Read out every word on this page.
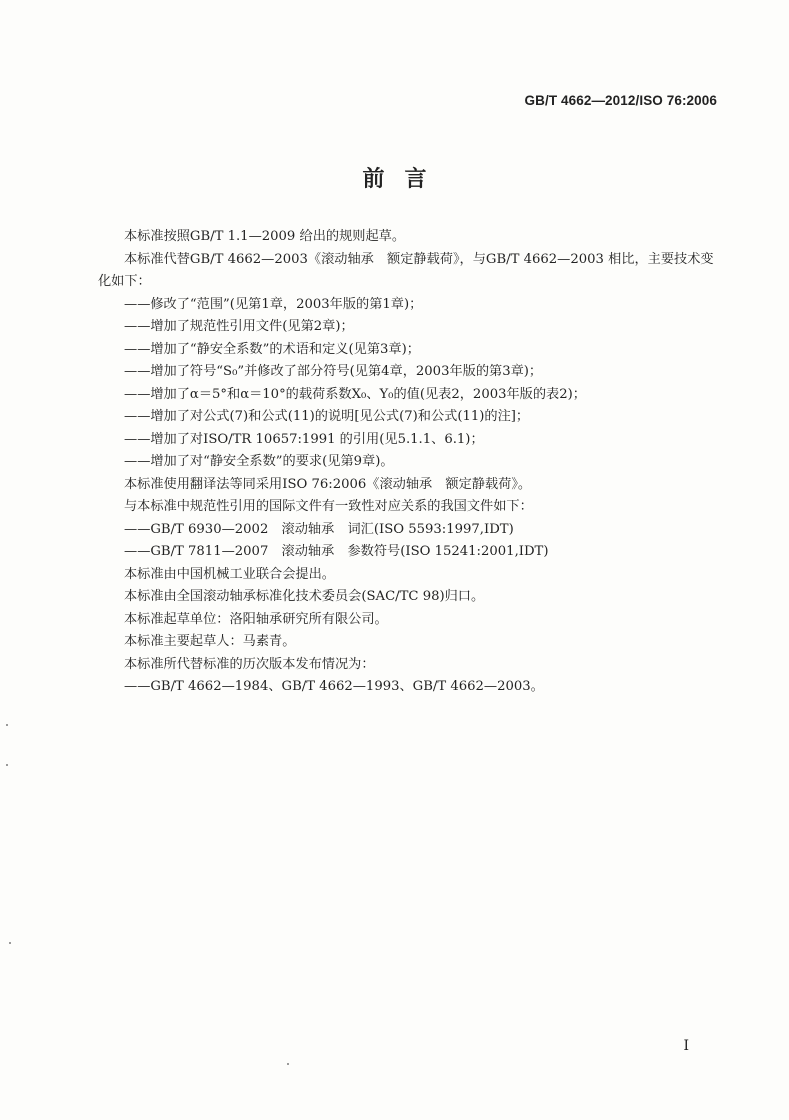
GB/T 4662—2012/ISO 76:2006
前言
本标准按照GB/T 1.1—2009 给出的规则起草。
本标准代替GB/T 4662—2003《滚动轴承　额定静载荷》，与GB/T 4662—2003 相比，主要技术变
化如下：
——修改了“范围”(见第1章，2003年版的第1章)；
——增加了规范性引用文件(见第2章)；
——增加了“静安全系数”的术语和定义(见第3章)；
——增加了符号“S₀”并修改了部分符号(见第4章，2003年版的第3章)；
——增加了α＝5°和α＝10°的载荷系数X₀、Y₀的值(见表2，2003年版的表2)；
——增加了对公式(7)和公式(11)的说明[见公式(7)和公式(11)的注]；
——增加了对ISO/TR 10657:1991 的引用(见5.1.1、6.1)；
——增加了对“静安全系数”的要求(见第9章)。
本标准使用翻译法等同采用ISO 76:2006《滚动轴承　额定静载荷》。
与本标准中规范性引用的国际文件有一致性对应关系的我国文件如下：
——GB/T 6930—2002　滚动轴承　词汇(ISO 5593:1997,IDT)
——GB/T 7811—2007　滚动轴承　参数符号(ISO 15241:2001,IDT)
本标准由中国机械工业联合会提出。
本标准由全国滚动轴承标准化技术委员会(SAC/TC 98)归口。
本标准起草单位：洛阳轴承研究所有限公司。
本标准主要起草人：马素青。
本标准所代替标准的历次版本发布情况为：
——GB/T 4662—1984、GB/T 4662—1993、GB/T 4662—2003。
I
